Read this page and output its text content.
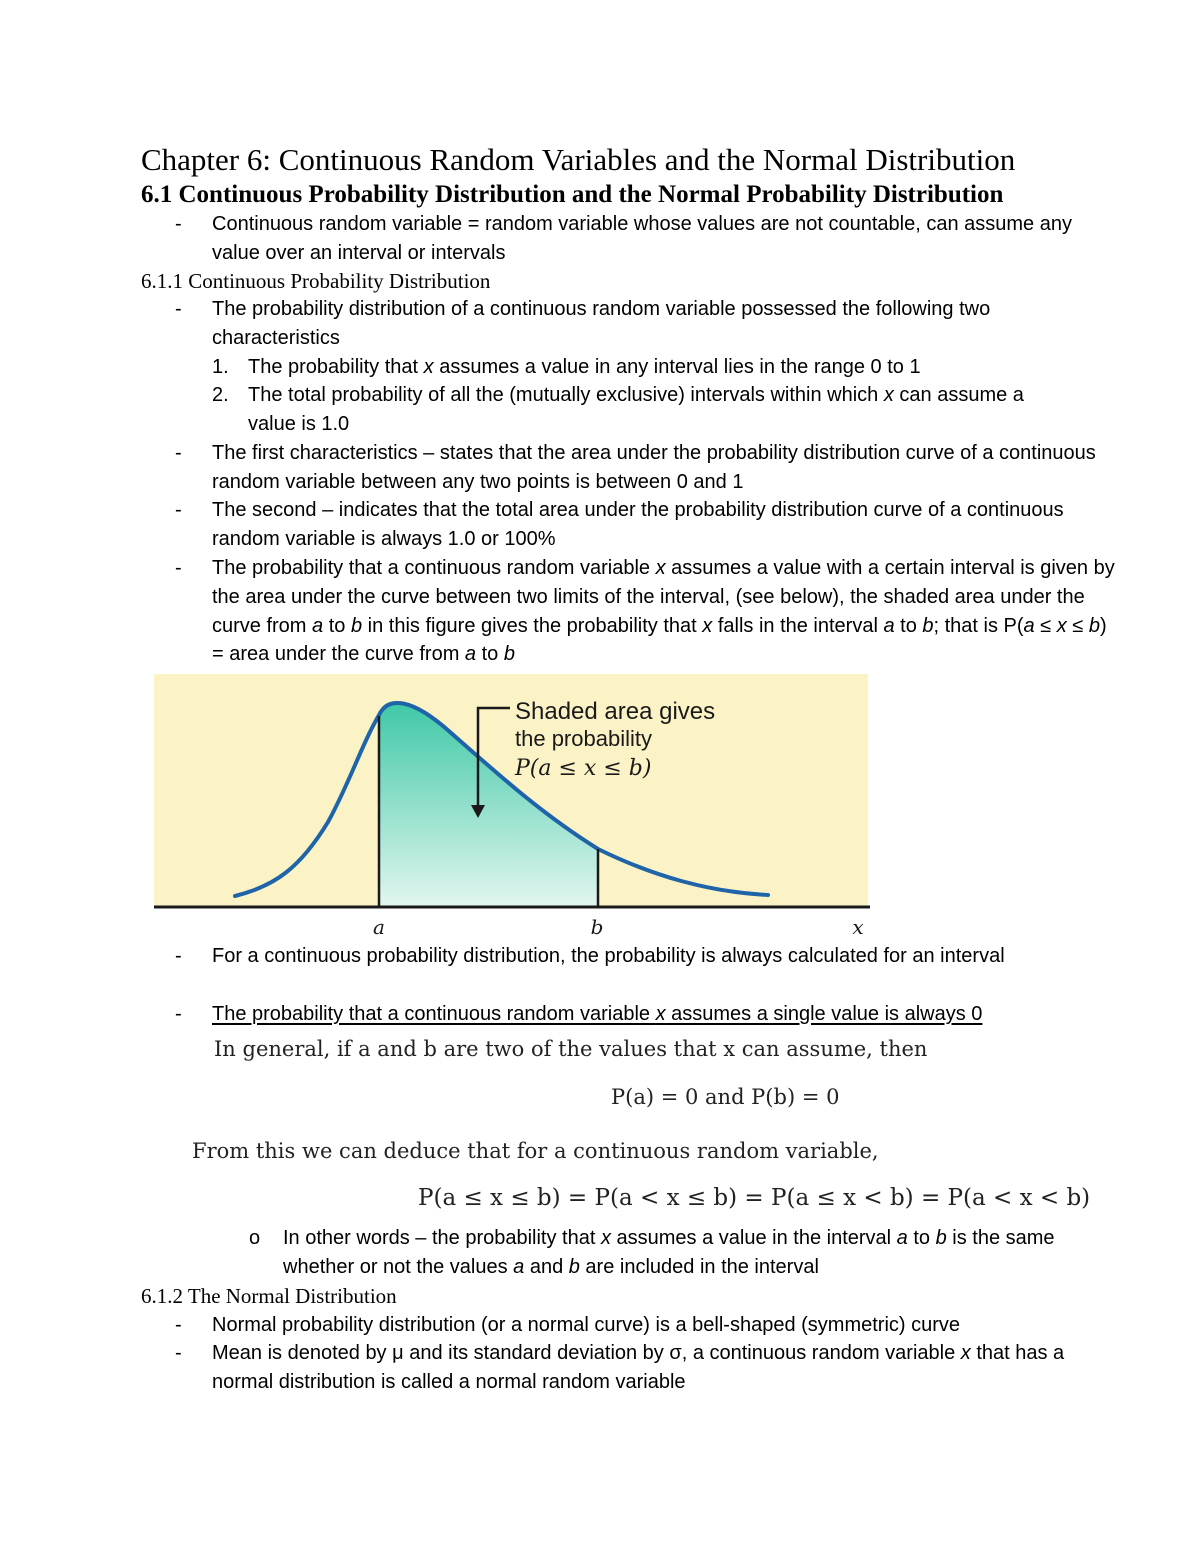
Chapter 6: Continuous Random Variables and the Normal Distribution
6.1 Continuous Probability Distribution and the Normal Probability Distribution
- Continuous random variable = random variable whose values are not countable, can assume any value over an interval or intervals
6.1.1 Continuous Probability Distribution
- The probability distribution of a continuous random variable possessed the following two characteristics
1. The probability that x assumes a value in any interval lies in the range 0 to 1
2. The total probability of all the (mutually exclusive) intervals within which x can assume a value is 1.0
- The first characteristics – states that the area under the probability distribution curve of a continuous random variable between any two points is between 0 and 1
- The second – indicates that the total area under the probability distribution curve of a continuous random variable is always 1.0 or 100%
- The probability that a continuous random variable x assumes a value with a certain interval is given by the area under the curve between two limits of the interval, (see below), the shaded area under the curve from a to b in this figure gives the probability that x falls in the interval a to b; that is P(a ≤ x ≤ b) = area under the curve from a to b
Shaded area gives
the probability
P(a ≤ x ≤ b)
a	b	x
- For a continuous probability distribution, the probability is always calculated for an interval
- The probability that a continuous random variable x assumes a single value is always 0
In general, if a and b are two of the values that x can assume, then
P(a) = 0 and P(b) = 0
From this we can deduce that for a continuous random variable,
P(a ≤ x ≤ b) = P(a < x ≤ b) = P(a ≤ x < b) = P(a < x < b)
o In other words – the probability that x assumes a value in the interval a to b is the same whether or not the values a and b are included in the interval
6.1.2 The Normal Distribution
- Normal probability distribution (or a normal curve) is a bell-shaped (symmetric) curve
- Mean is denoted by μ and its standard deviation by σ, a continuous random variable x that has a normal distribution is called a normal random variable
